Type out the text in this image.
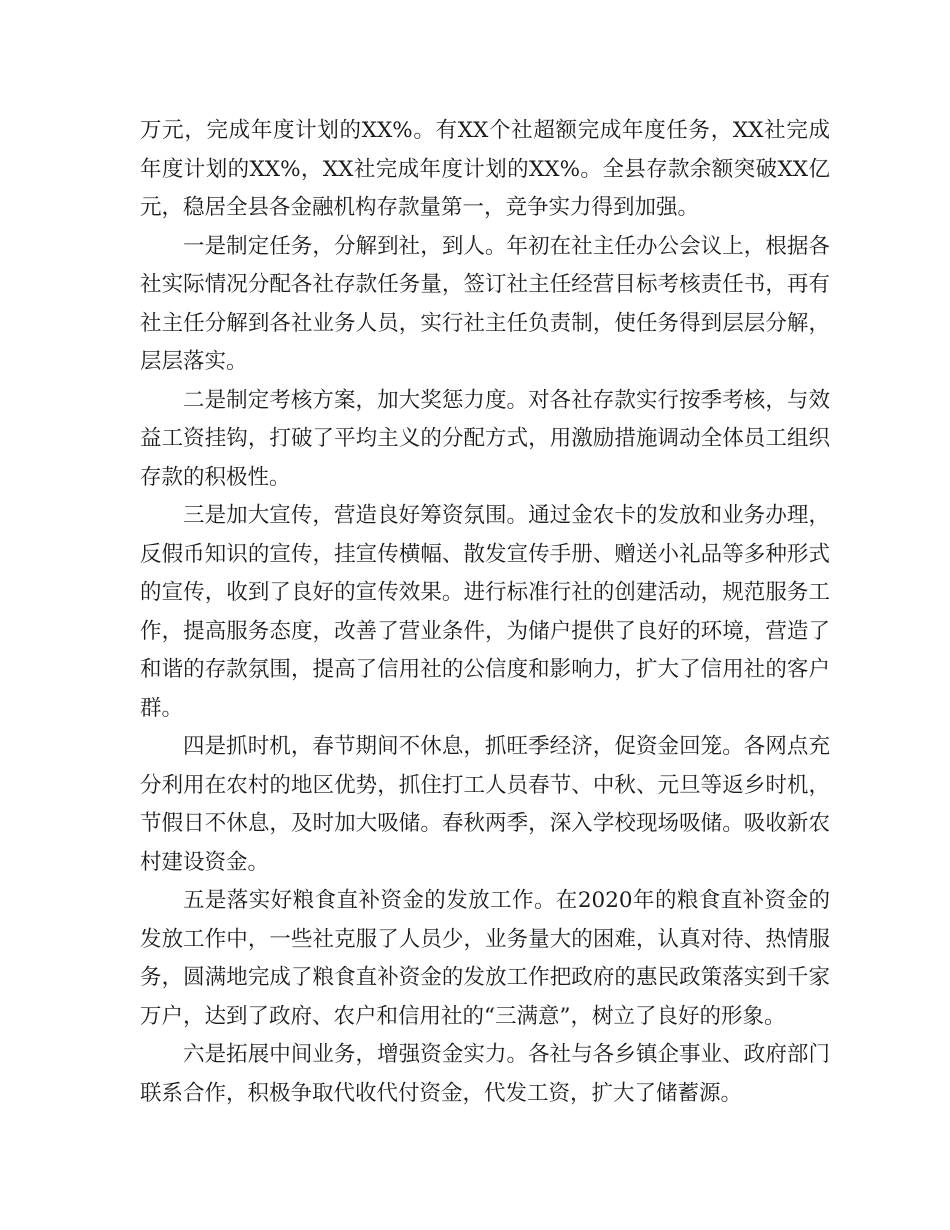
万元，完成年度计划的XX%。有XX个社超额完成年度任务，XX社完成年度计划的XX%，XX社完成年度计划的XX%。全县存款余额突破XX亿元，稳居全县各金融机构存款量第一，竞争实力得到加强。

一是制定任务，分解到社，到人。年初在社主任办公会议上，根据各社实际情况分配各社存款任务量，签订社主任经营目标考核责任书，再有社主任分解到各社业务人员，实行社主任负责制，使任务得到层层分解，层层落实。

二是制定考核方案，加大奖惩力度。对各社存款实行按季考核，与效益工资挂钩，打破了平均主义的分配方式，用激励措施调动全体员工组织存款的积极性。

三是加大宣传，营造良好筹资氛围。通过金农卡的发放和业务办理，反假币知识的宣传，挂宣传横幅、散发宣传手册、赠送小礼品等多种形式的宣传，收到了良好的宣传效果。进行标准行社的创建活动，规范服务工作，提高服务态度，改善了营业条件，为储户提供了良好的环境，营造了和谐的存款氛围，提高了信用社的公信度和影响力，扩大了信用社的客户群。

四是抓时机，春节期间不休息，抓旺季经济，促资金回笼。各网点充分利用在农村的地区优势，抓住打工人员春节、中秋、元旦等返乡时机，节假日不休息，及时加大吸储。春秋两季，深入学校现场吸储。吸收新农村建设资金。

五是落实好粮食直补资金的发放工作。在2020年的粮食直补资金的发放工作中，一些社克服了人员少，业务量大的困难，认真对待、热情服务，圆满地完成了粮食直补资金的发放工作把政府的惠民政策落实到千家万户，达到了政府、农户和信用社的“三满意”，树立了良好的形象。

六是拓展中间业务，增强资金实力。各社与各乡镇企事业、政府部门联系合作，积极争取代收代付资金，代发工资，扩大了储蓄源。
